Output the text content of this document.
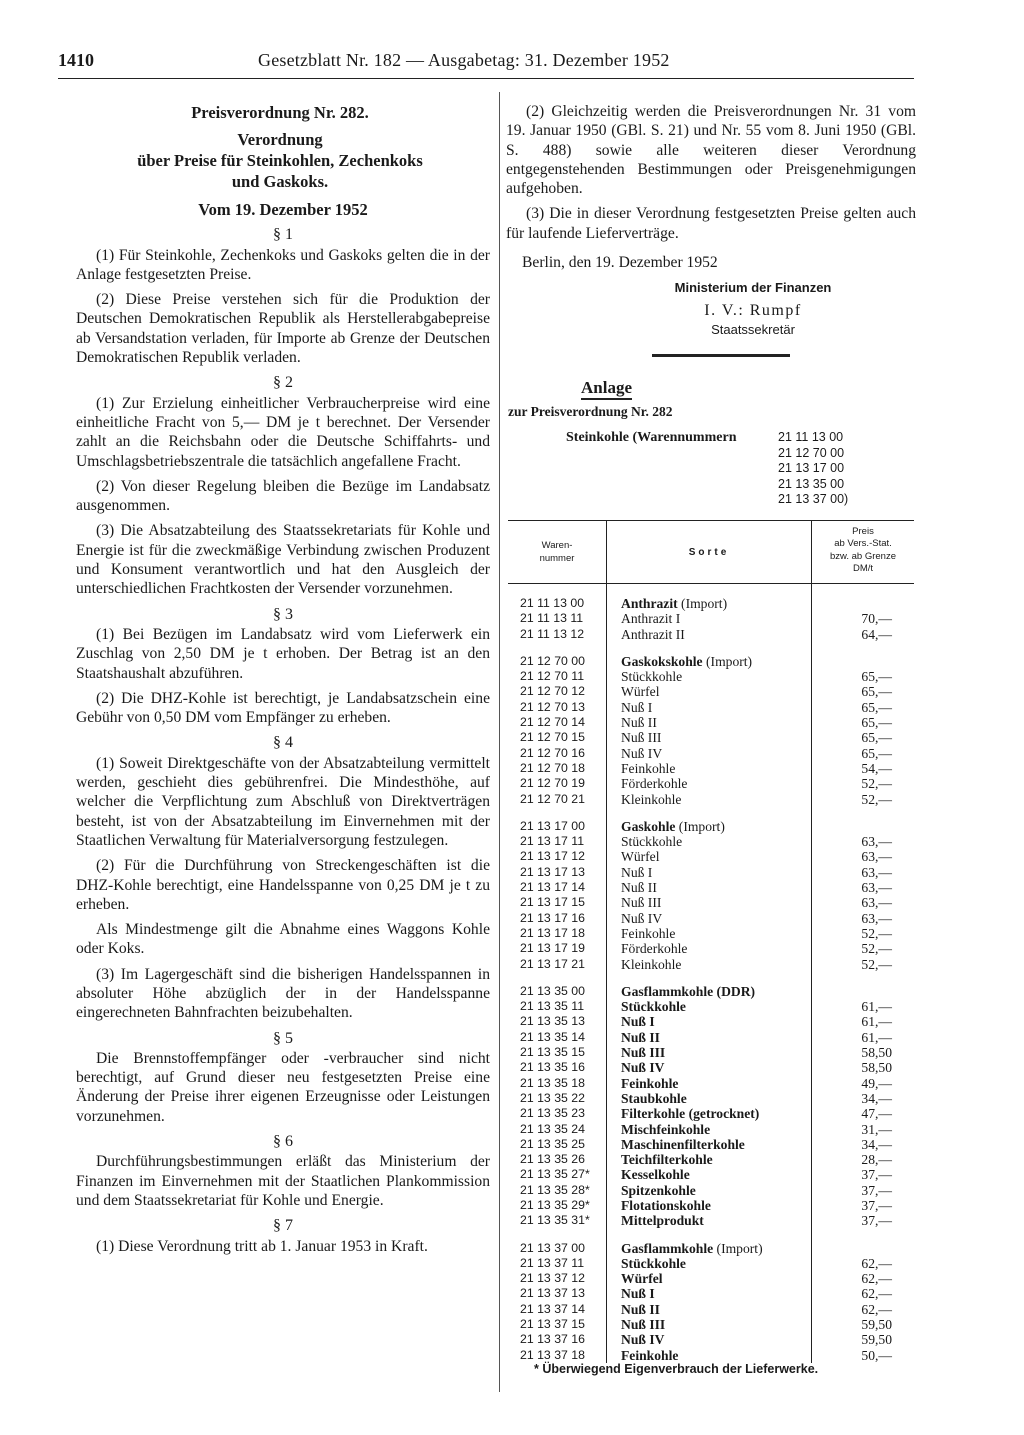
1410	Gesetzblatt Nr. 182 — Ausgabetag: 31. Dezember 1952
Preisverordnung Nr. 282.
Verordnung
über Preise für Steinkohlen, Zechenkoks
und Gaskoks.
Vom 19. Dezember 1952
§ 1

(1) Für Steinkohle, Zechenkoks und Gaskoks gelten die in der Anlage festgesetzten Preise.

(2) Diese Preise verstehen sich für die Produktion der Deutschen Demokratischen Republik als Herstellerabgabepreise ab Versandstation verladen, für Importe ab Grenze der Deutschen Demokratischen Republik verladen.

§ 2

(1) Zur Erzielung einheitlicher Verbraucherpreise wird eine einheitliche Fracht von 5,— DM je t berechnet. Der Versender zahlt an die Reichsbahn oder die Deutsche Schiffahrts- und Umschlagsbetriebszentrale die tatsächlich angefallene Fracht.

(2) Von dieser Regelung bleiben die Bezüge im Landabsatz ausgenommen.

(3) Die Absatzabteilung des Staatssekretariats für Kohle und Energie ist für die zweckmäßige Verbindung zwischen Produzent und Konsument verantwortlich und hat den Ausgleich der unterschiedlichen Frachtkosten der Versender vorzunehmen.

§ 3

(1) Bei Bezügen im Landabsatz wird vom Lieferwerk ein Zuschlag von 2,50 DM je t erhoben. Der Betrag ist an den Staatshaushalt abzuführen.

(2) Die DHZ-Kohle ist berechtigt, je Landabsatzschein eine Gebühr von 0,50 DM vom Empfänger zu erheben.

§ 4

(1) Soweit Direktgeschäfte von der Absatzabteilung vermittelt werden, geschieht dies gebührenfrei. Die Mindesthöhe, auf welcher die Verpflichtung zum Abschluß von Direktverträgen besteht, ist von der Absatzabteilung im Einvernehmen mit der Staatlichen Verwaltung für Materialversorgung festzulegen.

(2) Für die Durchführung von Streckengeschäften ist die DHZ-Kohle berechtigt, eine Handelsspanne von 0,25 DM je t zu erheben.

Als Mindestmenge gilt die Abnahme eines Waggons Kohle oder Koks.

(3) Im Lagergeschäft sind die bisherigen Handelsspannen in absoluter Höhe abzüglich der in der Handelsspanne eingerechneten Bahnfrachten beizubehalten.

§ 5

Die Brennstoffempfänger oder -verbraucher sind nicht berechtigt, auf Grund dieser neu festgesetzten Preise eine Änderung der Preise ihrer eigenen Erzeugnisse oder Leistungen vorzunehmen.

§ 6

Durchführungsbestimmungen erläßt das Ministerium der Finanzen im Einvernehmen mit der Staatlichen Plankommission und dem Staatssekretariat für Kohle und Energie.

§ 7

(1) Diese Verordnung tritt ab 1. Januar 1953 in Kraft.

(2) Gleichzeitig werden die Preisverordnungen Nr. 31 vom 19. Januar 1950 (GBl. S. 21) und Nr. 55 vom 8. Juni 1950 (GBl. S. 488) sowie alle weiteren dieser Verordnung entgegenstehenden Bestimmungen oder Preisgenehmigungen aufgehoben.

(3) Die in dieser Verordnung festgesetzten Preise gelten auch für laufende Lieferverträge.

Berlin, den 19. Dezember 1952
Ministerium der Finanzen
I. V.: Rumpf
Staatssekretär
Anlage
zur Preisverordnung Nr. 282
Steinkohle (Warennummern	21 11 13 00
21 12 70 00
21 13 17 00
21 13 35 00
21 13 37 00)
Waren-
nummer
Sorte
Preis
ab Vers.-Stat.
bzw. ab Grenze
DM/t
21 11 13 00	Anthrazit (Import)
21 11 13 11	Anthrazit I	70,—
21 11 13 12	Anthrazit II	64,—
21 12 70 00	Gaskokskohle (Import)
21 12 70 11	Stückkohle	65,—
21 12 70 12	Würfel	65,—
21 12 70 13	Nuß I	65,—
21 12 70 14	Nuß II	65,—
21 12 70 15	Nuß III	65,—
21 12 70 16	Nuß IV	65,—
21 12 70 18	Feinkohle	54,—
21 12 70 19	Förderkohle	52,—
21 12 70 21	Kleinkohle	52,—
21 13 17 00	Gaskohle (Import)
21 13 17 11	Stückkohle	63,—
21 13 17 12	Würfel	63,—
21 13 17 13	Nuß I	63,—
21 13 17 14	Nuß II	63,—
21 13 17 15	Nuß III	63,—
21 13 17 16	Nuß IV	63,—
21 13 17 18	Feinkohle	52,—
21 13 17 19	Förderkohle	52,—
21 13 17 21	Kleinkohle	52,—
21 13 35 00	Gasflammkohle (DDR)
21 13 35 11	Stückkohle	61,—
21 13 35 13	Nuß I	61,—
21 13 35 14	Nuß II	61,—
21 13 35 15	Nuß III	58,50
21 13 35 16	Nuß IV	58,50
21 13 35 18	Feinkohle	49,—
21 13 35 22	Staubkohle	34,—
21 13 35 23	Filterkohle (getrocknet)	47,—
21 13 35 24	Mischfeinkohle	31,—
21 13 35 25	Maschinenfilterkohle	34,—
21 13 35 26	Teichfilterkohle	28,—
21 13 35 27*	Kesselkohle	37,—
21 13 35 28*	Spitzenkohle	37,—
21 13 35 29*	Flotationskohle	37,—
21 13 35 31*	Mittelprodukt	37,—
21 13 37 00	Gasflammkohle (Import)
21 13 37 11	Stückkohle	62,—
21 13 37 12	Würfel	62,—
21 13 37 13	Nuß I	62,—
21 13 37 14	Nuß II	62,—
21 13 37 15	Nuß III	59,50
21 13 37 16	Nuß IV	59,50
21 13 37 18	Feinkohle	50,—
* Überwiegend Eigenverbrauch der Lieferwerke.
